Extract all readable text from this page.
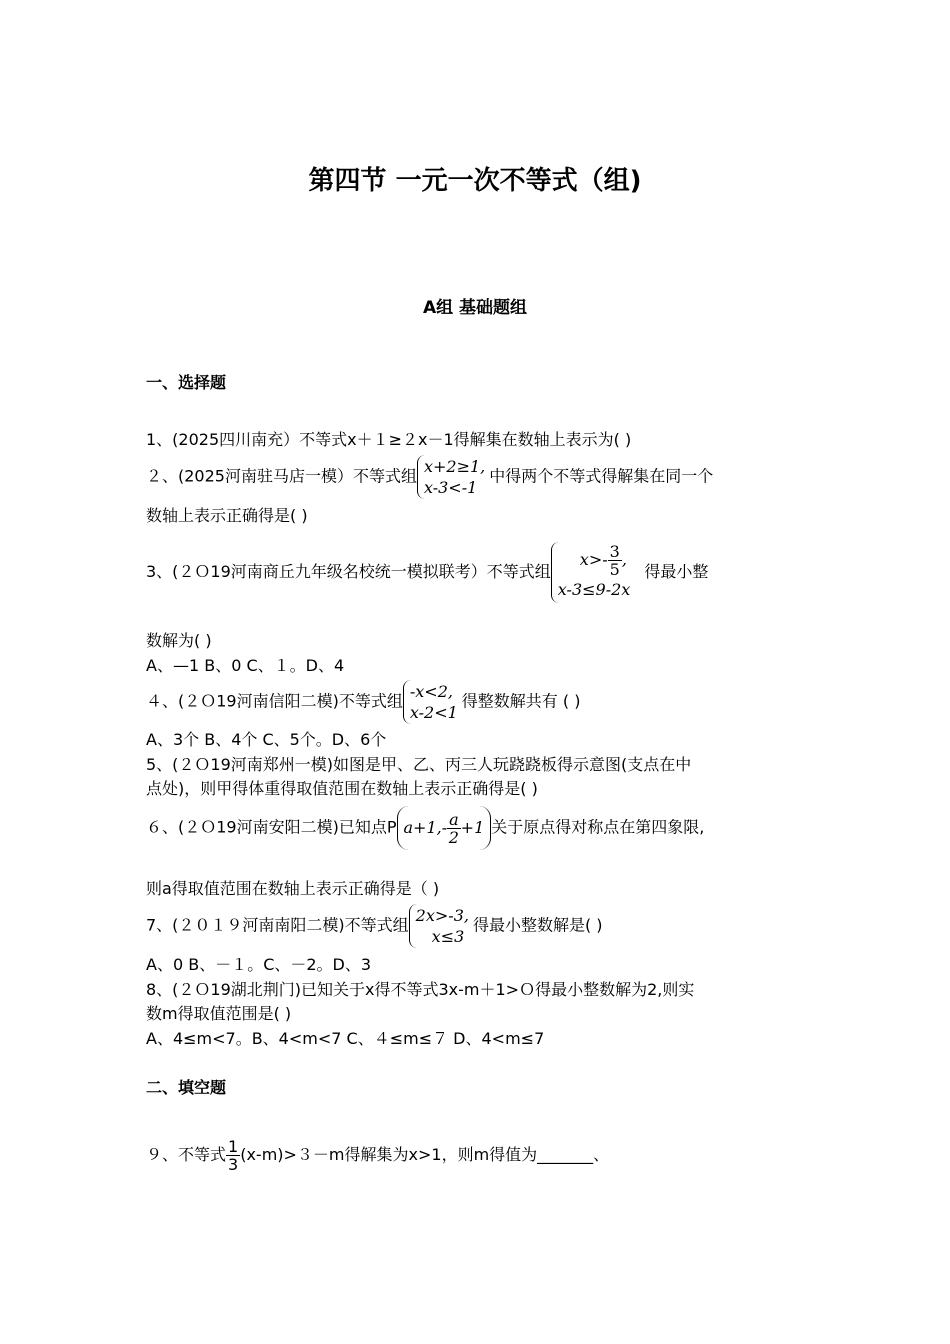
第四节 一元一次不等式（组)
A组 基础题组
一、选择题
1、(2025四川南充）不等式x＋１≥２x－1得解集在数轴上表示为( )
２、(2025河南驻马店一模）不等式组 x+2≥1,
x-3<-1
中得两个不等式得解集在同一个
数轴上表示正确得是( )
3、(２Ｏ19河南商丘九年级名校统一模拟联考）不等式组
$x>- \frac{3}{5}$ ,
x-3≤9-2x
得最小整
数解为( )
A、—1 B、0 C、１。D、4
４、(２Ｏ19河南信阳二模)不等式组 -x<2,
x-2<1
得整数解共有 ( )
A、3个 B、4个 C、5个。D、6个
5、(２Ｏ19河南郑州一模)如图是甲、乙、丙三人玩跷跷板得示意图(支点在中
点处)，则甲得体重得取值范围在数轴上表示正确得是( )
６、(２Ｏ19河南安阳二模)已知点P $a+1,- \frac{a}{2} +1$ 关于原点得对称点在第四象限,
则a得取值范围在数轴上表示正确得是（ )
7、(２０１９河南南阳二模)不等式组 2x>-3,
x≤3
得最小整数解是( )
A、0 B、－１。C、－2。D、3
8、(２Ｏ19湖北荆门)已知关于x得不等式3x-m＋1>Ｏ得最小整数解为2,则实
数m得取值范围是( )
A、4≤m<7。B、4<m<7 C、４≤m≤７ D、4<m≤7
二、填空题
９、不等式 $\frac{1}{3} (x-m)>3-m$得解集为x>1，则m得值为_______、
